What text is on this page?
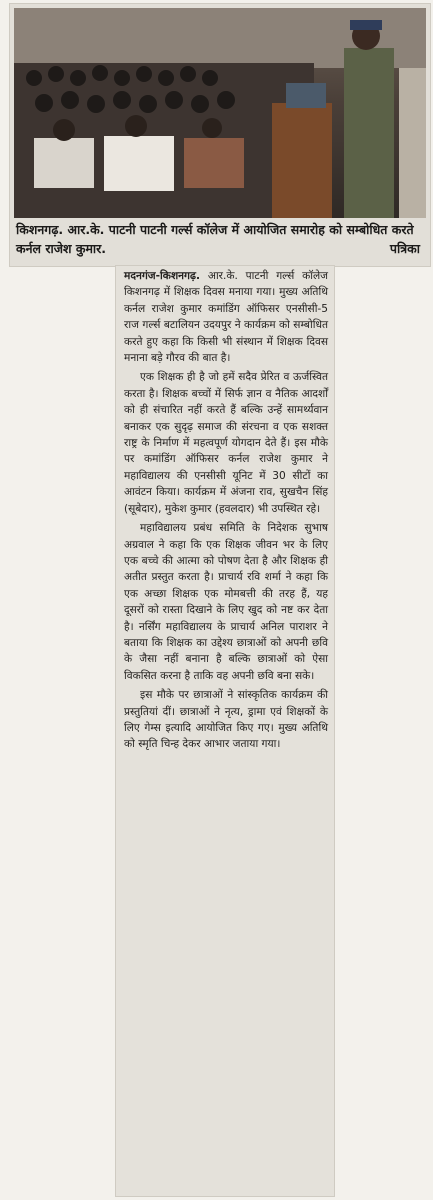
किशनगढ़. आर.के. पाटनी पाटनी गर्ल्स कॉलेज में आयोजित समारोह को सम्बोधित करते कर्नल राजेश कुमार.	पत्रिका

मदनगंज-किशनगढ़. आर.के. पाटनी गर्ल्स कॉलेज किशनगढ़ में शिक्षक दिवस मनाया गया। मुख्य अतिथि कर्नल राजेश कुमार कमांडिंग ऑफिसर एनसीसी-5 राज गर्ल्स बटालियन उदयपुर ने कार्यक्रम को सम्बोधित करते हुए कहा कि किसी भी संस्थान में शिक्षक दिवस मनाना बड़े गौरव की बात है।

एक शिक्षक ही है जो हमें सदैव प्रेरित व ऊर्जस्वित करता है। शिक्षक बच्चों में सिर्फ ज्ञान व नैतिक आदर्शों को ही संचारित नहीं करते हैं बल्कि उन्हें सामर्थ्यवान बनाकर एक सुदृढ़ समाज की संरचना व एक सशक्त राष्ट्र के निर्माण में महत्वपूर्ण योगदान देते हैं। इस मौके पर कमांडिंग ऑफिसर कर्नल राजेश कुमार ने महाविद्यालय की एनसीसी यूनिट में 30 सीटों का आवंटन किया। कार्यक्रम में अंजना राव, सुखचैन सिंह (सूबेदार), मुकेश कुमार (हवलदार) भी उपस्थित रहे।

महाविद्यालय प्रबंध समिति के निदेशक सुभाष अग्रवाल ने कहा कि एक शिक्षक जीवन भर के लिए एक बच्चे की आत्मा को पोषण देता है और शिक्षक ही अतीत प्रस्तुत करता है। प्राचार्य रवि शर्मा ने कहा कि एक अच्छा शिक्षक एक मोमबत्ती की तरह हैं, यह दूसरों को रास्ता दिखाने के लिए खुद को नष्ट कर देता है। नर्सिंग महाविद्यालय के प्राचार्य अनिल पाराशर ने बताया कि शिक्षक का उद्देश्य छात्राओं को अपनी छवि के जैसा नहीं बनाना है बल्कि छात्राओं को ऐसा विकसित करना है ताकि वह अपनी छवि बना सके।

इस मौके पर छात्राओं ने सांस्कृतिक कार्यक्रम की प्रस्तुतियां दीं। छात्राओं ने नृत्य, ड्रामा एवं शिक्षकों के लिए गेम्स इत्यादि आयोजित किए गए। मुख्य अतिथि को स्मृति चिन्ह देकर आभार जताया गया।
